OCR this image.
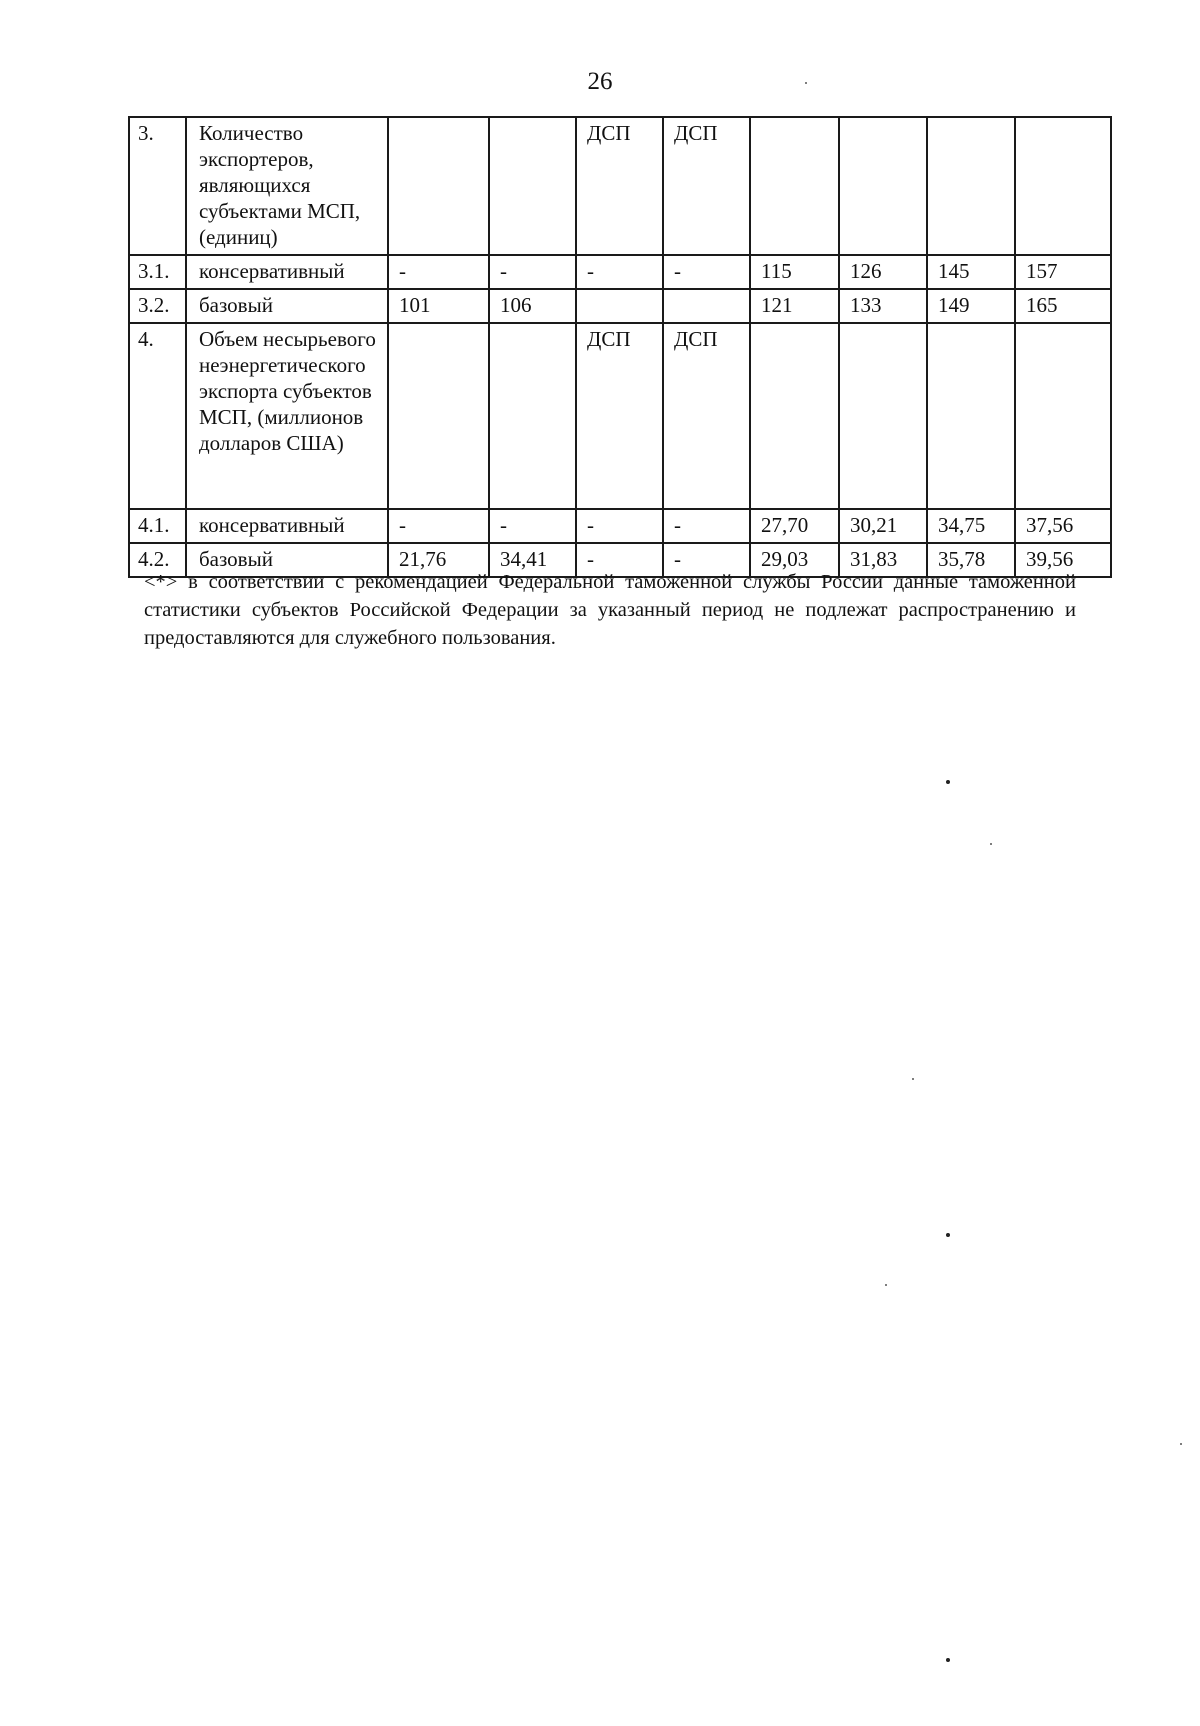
26
3.	Количество экспортеров, являющихся субъектами МСП, (единиц)			ДСП	ДСП				
3.1.	консервативный	-	-	-	-	115	126	145	157
3.2.	базовый	101	106			121	133	149	165
4.	Объем несырьевого неэнергетического экспорта субъектов МСП, (миллионов долларов США)			ДСП	ДСП				
4.1.	консервативный	-	-	-	-	27,70	30,21	34,75	37,56
4.2.	базовый	21,76	34,41	-	-	29,03	31,83	35,78	39,56

<*> в соответствии с рекомендацией Федеральной таможенной службы России данные таможенной статистики субъектов Российской Федерации за указанный период не подлежат распространению и предоставляются для служебного пользования.
